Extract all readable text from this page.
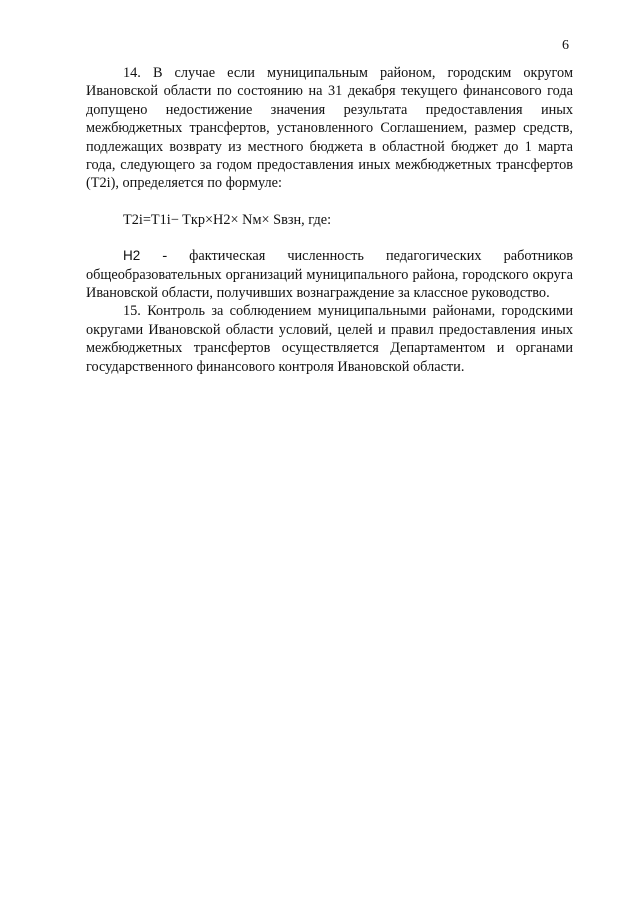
6

14. В случае если муниципальным районом, городским округом Ивановской области по состоянию на 31 декабря текущего финансового года допущено недостижение значения результата предоставления иных межбюджетных трансфертов, установленного Соглашением, размер средств, подлежащих возврату из местного бюджета в областной бюджет до 1 марта года, следующего за годом предоставления иных межбюджетных трансфертов (T2i), определяется по формуле:

T2i=T1i− Tкр×H2× Nм× Sвзн, где:

Н2 - фактическая численность педагогических работников общеобразовательных организаций муниципального района, городского округа Ивановской области, получивших вознаграждение за классное руководство.

15. Контроль за соблюдением муниципальными районами, городскими округами Ивановской области условий, целей и правил предоставления иных межбюджетных трансфертов осуществляется Департаментом и органами государственного финансового контроля Ивановской области.
